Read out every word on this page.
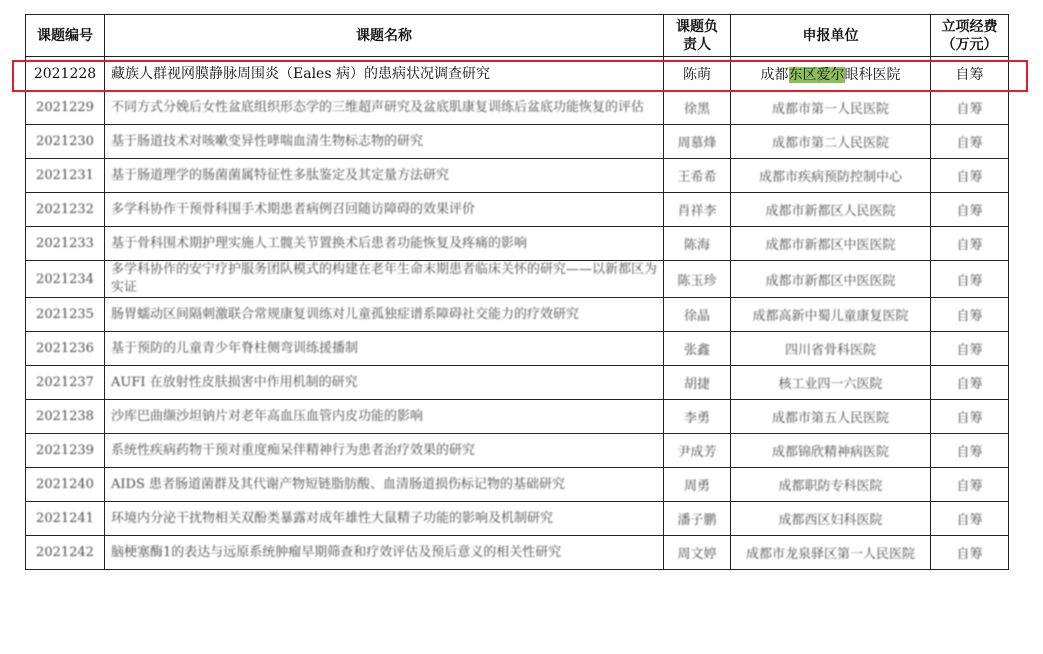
课题编号	课题名称	课题负责人	申报单位	立项经费（万元）
2021228	藏族人群视网膜静脉周围炎（Eales 病）的患病状况调查研究	陈萌	成都东区爱尔眼科医院	自筹
2021229	不同方式分娩后女性盆底组织形态学的三维超声研究及盆底肌康复训练后盆底功能恢复的评估	徐黑	成都市第一人民医院	自筹
2021230	基于肠道技术对咳嗽变异性哮喘血清生物标志物的研究	周慕烽	成都市第二人民医院	自筹
2021231	基于肠道理学的肠菌菌属特征性多肽鉴定及其定量方法研究	王希希	成都市疾病预防控制中心	自筹
2021232	多学科协作干预骨科围手术期患者病例召回随访障碍的效果评价	肖祥李	成都市新都区人民医院	自筹
2021233	基于骨科围术期护理实施人工髋关节置换术后患者功能恢复及疼痛的影响	陈海	成都市新都区中医医院	自筹
2021234	多学科协作的安宁疗护服务团队模式的构建在老年生命末期患者临床关怀的研究——以新都区为实证	陈玉珍	成都市新都区中医医院	自筹
2021235	肠胃蠕动区间隔刺激联合常规康复训练对儿童孤独症谱系障碍社交能力的疗效研究	徐晶	成都高新中蜀儿童康复医院	自筹
2021236	基于预防的儿童青少年脊柱侧弯训练援播制	张鑫	四川省骨科医院	自筹
2021237	AUFI 在放射性皮肤损害中作用机制的研究	胡捷	核工业四一六医院	自筹
2021238	沙库巴曲缬沙坦钠片对老年高血压血管内皮功能的影响	李勇	成都市第五人民医院	自筹
2021239	系统性疾病药物干预对重度痴呆伴精神行为患者治疗效果的研究	尹成芳	成都锦欣精神病医院	自筹
2021240	AIDS 患者肠道菌群及其代谢产物短链脂肪酸、血清肠道损伤标记物的基础研究	周勇	成都职防专科医院	自筹
2021241	环境内分泌干扰物相关双酚类暴露对成年雄性大鼠精子功能的影响及机制研究	潘子鹏	成都西区妇科医院	自筹
2021242	脑梗塞酶1的表达与远原系统肿瘤早期筛查和疗效评估及预后意义的相关性研究	周文婷	成都市龙泉驿区第一人民医院	自筹
